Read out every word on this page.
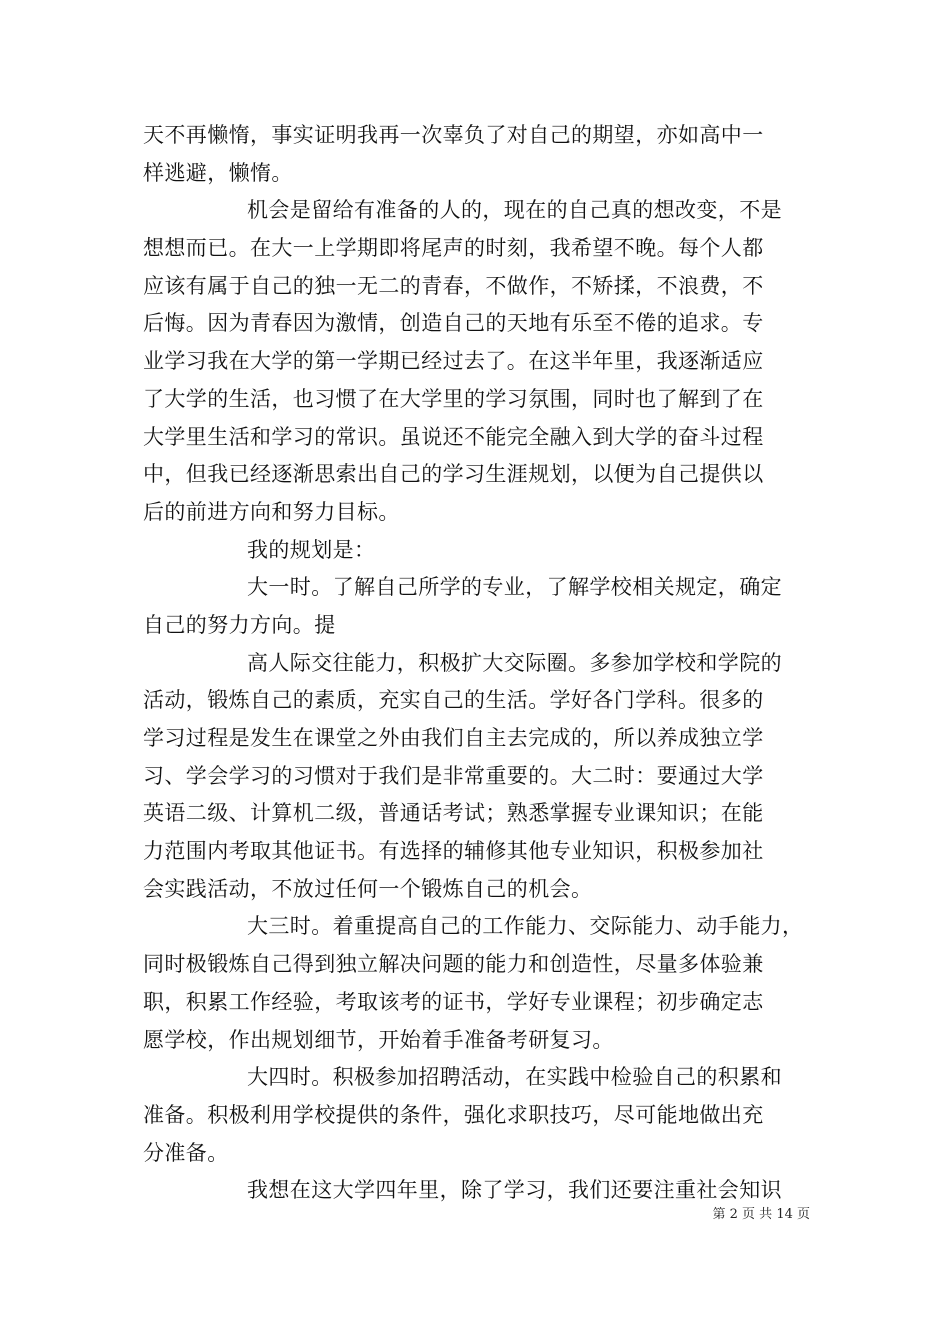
天不再懒惰，事实证明我再一次辜负了对自己的期望，亦如高中一
样逃避，懒惰。
机会是留给有准备的人的，现在的自己真的想改变，不是
想想而已。在大一上学期即将尾声的时刻，我希望不晚。每个人都
应该有属于自己的独一无二的青春，不做作，不矫揉，不浪费，不
后悔。因为青春因为激情，创造自己的天地有乐至不倦的追求。专
业学习我在大学的第一学期已经过去了。在这半年里，我逐渐适应
了大学的生活，也习惯了在大学里的学习氛围，同时也了解到了在
大学里生活和学习的常识。虽说还不能完全融入到大学的奋斗过程
中，但我已经逐渐思索出自己的学习生涯规划，以便为自己提供以
后的前进方向和努力目标。
我的规划是：
大一时。了解自己所学的专业，了解学校相关规定，确定
自己的努力方向。提
高人际交往能力，积极扩大交际圈。多参加学校和学院的
活动，锻炼自己的素质，充实自己的生活。学好各门学科。很多的
学习过程是发生在课堂之外由我们自主去完成的，所以养成独立学
习、学会学习的习惯对于我们是非常重要的。大二时：要通过大学
英语二级、计算机二级，普通话考试；熟悉掌握专业课知识；在能
力范围内考取其他证书。有选择的辅修其他专业知识，积极参加社
会实践活动，不放过任何一个锻炼自己的机会。
大三时。着重提高自己的工作能力、交际能力、动手能力，
同时极锻炼自己得到独立解决问题的能力和创造性，尽量多体验兼
职，积累工作经验，考取该考的证书，学好专业课程；初步确定志
愿学校，作出规划细节，开始着手准备考研复习。
大四时。积极参加招聘活动，在实践中检验自己的积累和
准备。积极利用学校提供的条件，强化求职技巧，尽可能地做出充
分准备。
我想在这大学四年里，除了学习，我们还要注重社会知识
第 2 页 共 14 页
